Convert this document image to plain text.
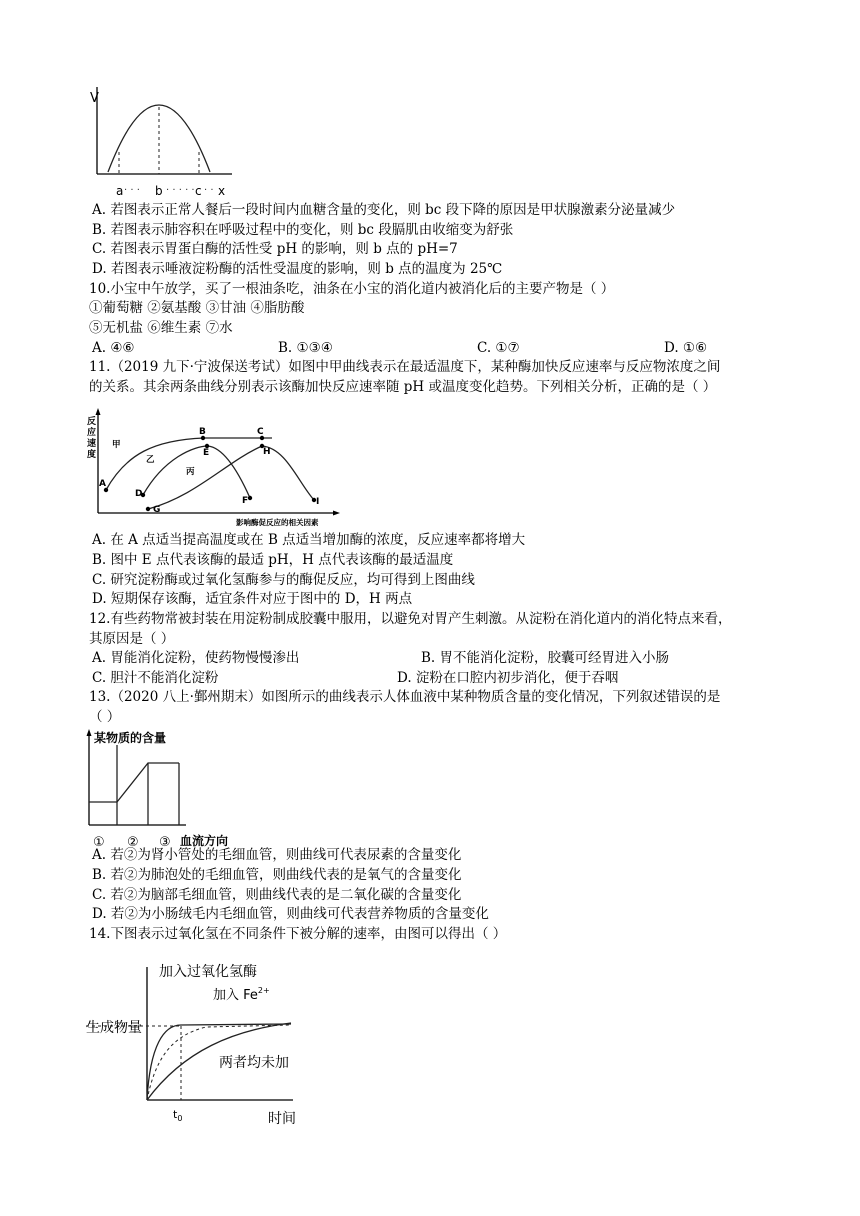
V
a · · · b · · · · · c · · x
A. 若图表示正常人餐后一段时间内血糖含量的变化，则 bc 段下降的原因是甲状腺激素分泌量减少
B. 若图表示肺容积在呼吸过程中的变化，则 bc 段膈肌由收缩变为舒张
C. 若图表示胃蛋白酶的活性受 pH 的影响，则 b 点的 pH=7
D. 若图表示唾液淀粉酶的活性受温度的影响，则 b 点的温度为 25℃
10.小宝中午放学，买了一根油条吃，油条在小宝的消化道内被消化后的主要产物是（ ）
①葡萄糖 ②氨基酸 ③甘油 ④脂肪酸
⑤无机盐 ⑥维生素 ⑦水
A. ④⑥	B. ①③④	C. ①⑦	D. ①⑥
11.（2019 九下·宁波保送考试）如图中甲曲线表示在最适温度下，某种酶加快反应速率与反应物浓度之间
的关系。其余两条曲线分别表示该酶加快反应速率随 pH 或温度变化趋势。下列相关分析，正确的是（ ）
反
应
速
度
甲
乙
丙
A
B	C
D
E
F
G
H
I
影响酶促反应的相关因素
A. 在 A 点适当提高温度或在 B 点适当增加酶的浓度，反应速率都将增大
B. 图中 E 点代表该酶的最适 pH，H 点代表该酶的最适温度
C. 研究淀粉酶或过氧化氢酶参与的酶促反应，均可得到上图曲线
D. 短期保存该酶，适宜条件对应于图中的 D，H 两点
12.有些药物常被封装在用淀粉制成胶囊中服用，以避免对胃产生刺激。从淀粉在消化道内的消化特点来看，
其原因是（ ）
A. 胃能消化淀粉，使药物慢慢渗出	B. 胃不能消化淀粉，胶囊可经胃进入小肠
C. 胆汁不能消化淀粉	D. 淀粉在口腔内初步消化，便于吞咽
13.（2020 八上·鄞州期末）如图所示的曲线表示人体血液中某种物质含量的变化情况，下列叙述错误的是
（ ）
某物质的含量
① ② ③ 血流方向
A. 若②为肾小管处的毛细血管，则曲线可代表尿素的含量变化
B. 若②为肺泡处的毛细血管，则曲线代表的是氧气的含量变化
C. 若②为脑部毛细血管，则曲线代表的是二氧化碳的含量变化
D. 若②为小肠绒毛内毛细血管，则曲线可代表营养物质的含量变化
14.下图表示过氧化氢在不同条件下被分解的速率，由图可以得出（ ）
加入过氧化氢酶
加入 $Fe^{2+}$
生成物量
两者均未加
$t_0$	时间
